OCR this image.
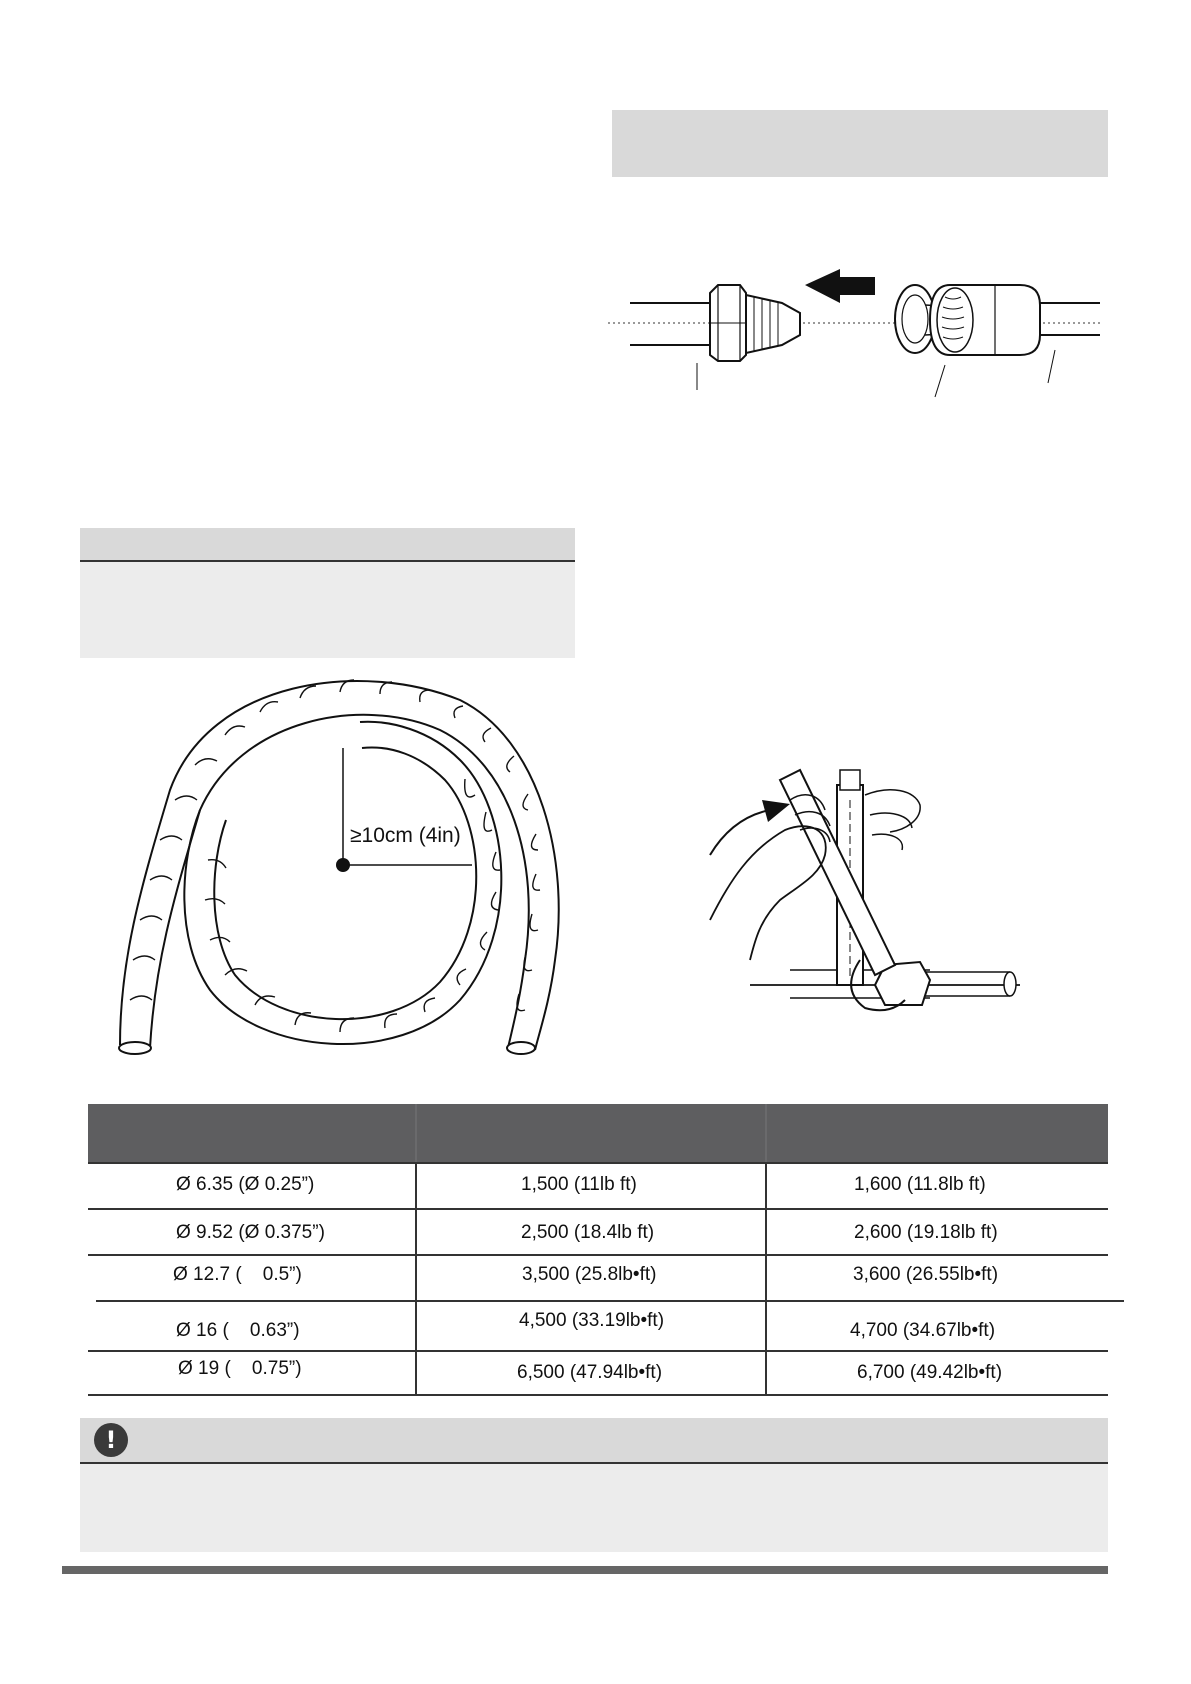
≥10cm (4in)
Ø 6.35 (Ø 0.25”)	1,500 (11lb ft)	1,600 (11.8lb ft)
Ø 9.52 (Ø 0.375”)	2,500 (18.4lb ft)	2,600 (19.18lb ft)
Ø 12.7 (    0.5”)	3,500 (25.8lb•ft)	3,600 (26.55lb•ft)
Ø 16 (    0.63”)	4,500 (33.19lb•ft)	4,700 (34.67lb•ft)
Ø 19 (    0.75”)	6,500 (47.94lb•ft)	6,700 (49.42lb•ft)
!
